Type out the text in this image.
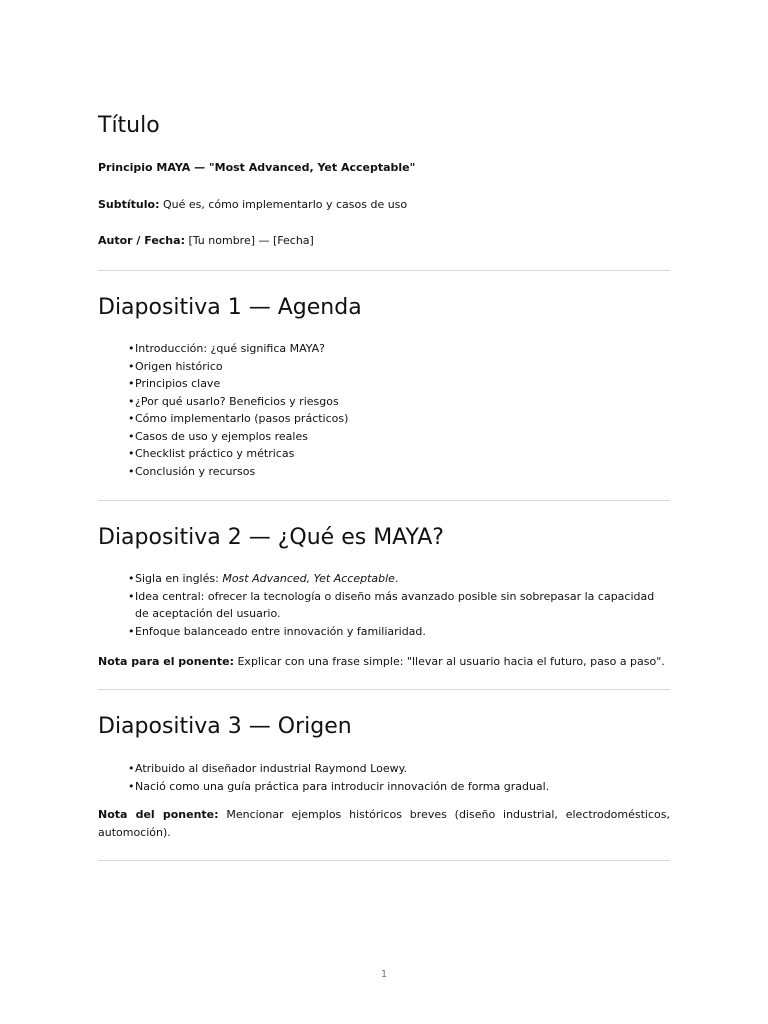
Título

Principio MAYA — "Most Advanced, Yet Acceptable"

Subtítulo: Qué es, cómo implementarlo y casos de uso

Autor / Fecha: [Tu nombre] — [Fecha]

Diapositiva 1 — Agenda
• Introducción: ¿qué significa MAYA?
• Origen histórico
• Principios clave
• ¿Por qué usarlo? Beneficios y riesgos
• Cómo implementarlo (pasos prácticos)
• Casos de uso y ejemplos reales
• Checklist práctico y métricas
• Conclusión y recursos
Diapositiva 2 — ¿Qué es MAYA?
• Sigla en inglés: Most Advanced, Yet Acceptable.
• Idea central: ofrecer la tecnología o diseño más avanzado posible sin sobrepasar la capacidad de aceptación del usuario.
• Enfoque balanceado entre innovación y familiaridad.

Nota para el ponente: Explicar con una frase simple: "llevar al usuario hacia el futuro, paso a paso".

Diapositiva 3 — Origen
• Atribuido al diseñador industrial Raymond Loewy.
• Nació como una guía práctica para introducir innovación de forma gradual.

Nota del ponente: Mencionar ejemplos históricos breves (diseño industrial, electrodomésticos, automoción).

1
